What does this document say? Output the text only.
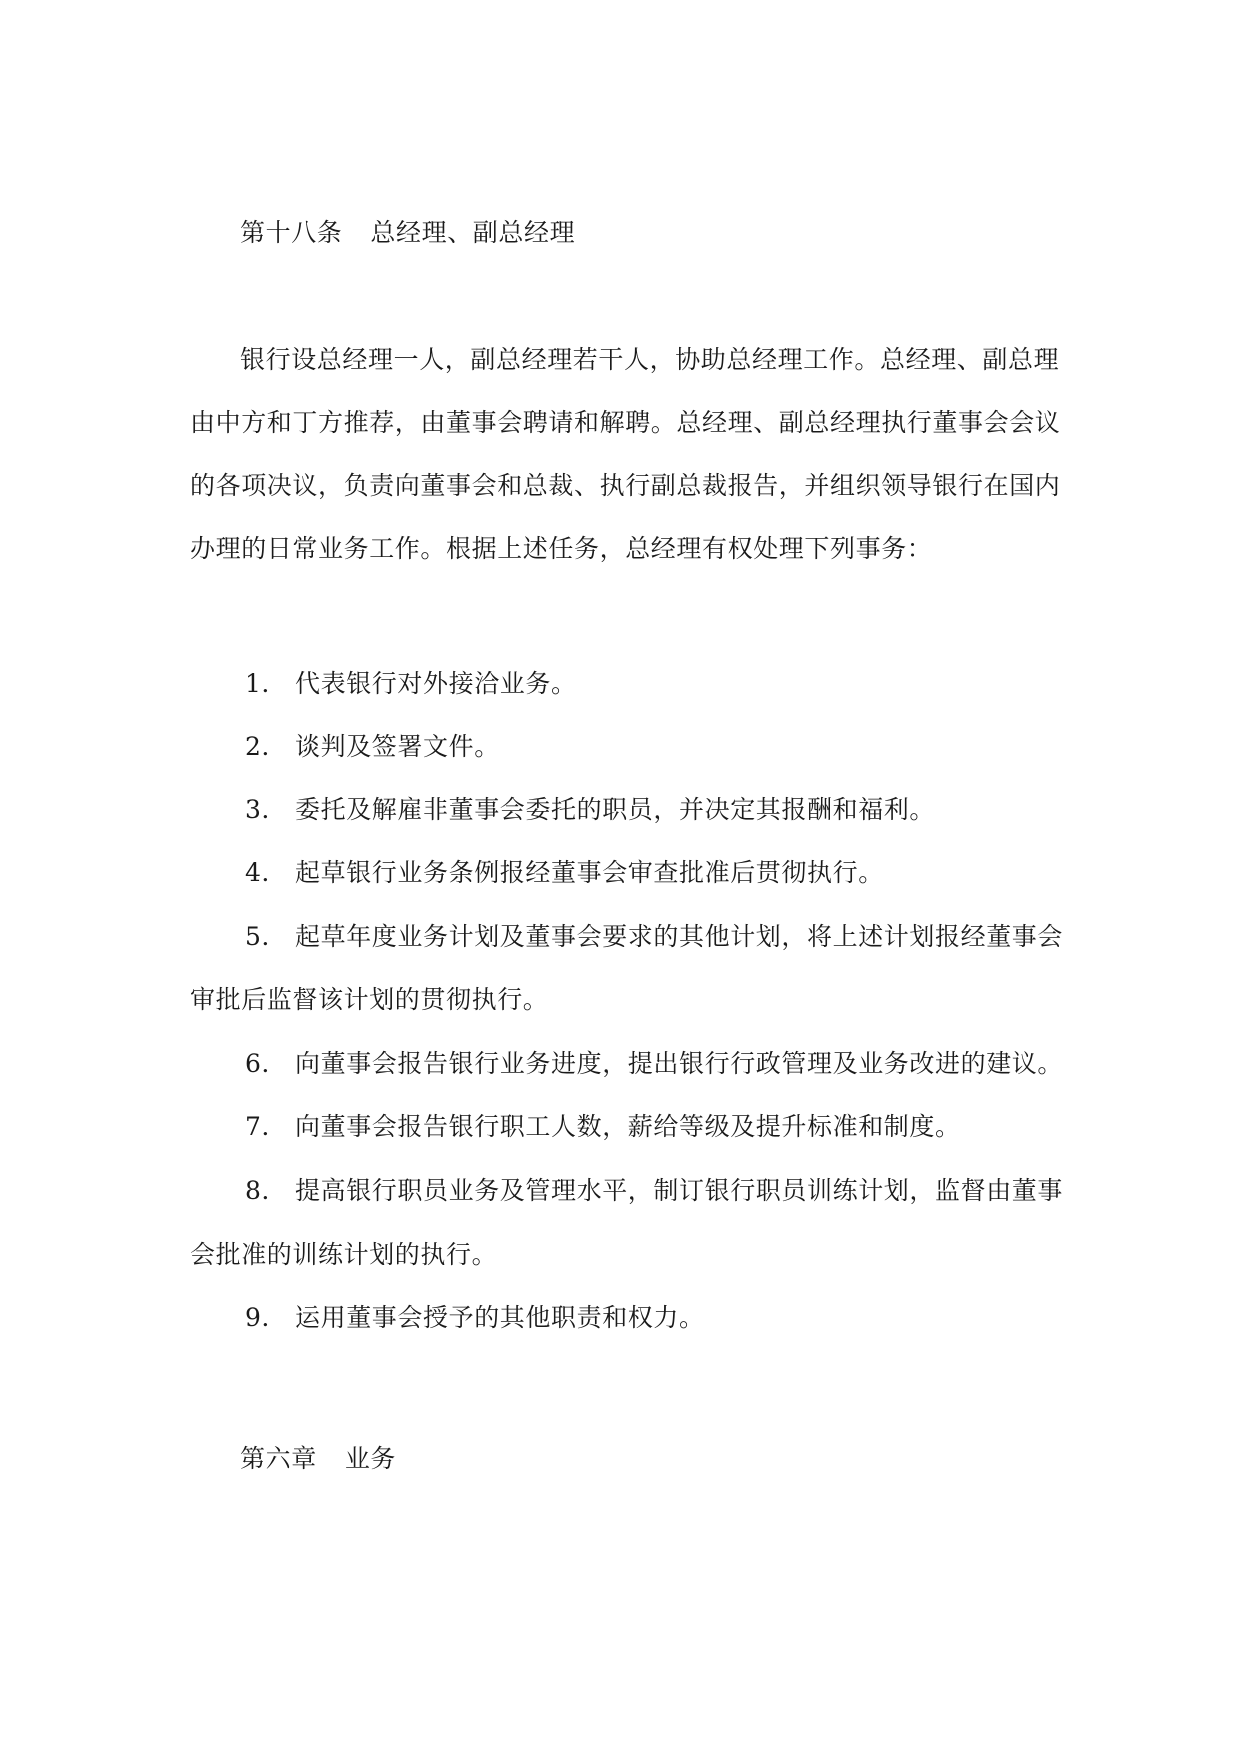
第十八条 总经理、副总经理
银行设总经理一人，副总经理若干人，协助总经理工作。总经理、副总理
由中方和丁方推荐，由董事会聘请和解聘。总经理、副总经理执行董事会会议
的各项决议，负责向董事会和总裁、执行副总裁报告，并组织领导银行在国内
办理的日常业务工作。根据上述任务，总经理有权处理下列事务：
1． 代表银行对外接洽业务。
2． 谈判及签署文件。
3． 委托及解雇非董事会委托的职员，并决定其报酬和福利。
4． 起草银行业务条例报经董事会审查批准后贯彻执行。
5． 起草年度业务计划及董事会要求的其他计划，将上述计划报经董事会
审批后监督该计划的贯彻执行。
6． 向董事会报告银行业务进度，提出银行行政管理及业务改进的建议。
7． 向董事会报告银行职工人数，薪给等级及提升标准和制度。
8． 提高银行职员业务及管理水平，制订银行职员训练计划，监督由董事
会批准的训练计划的执行。
9． 运用董事会授予的其他职责和权力。
第六章 业务
